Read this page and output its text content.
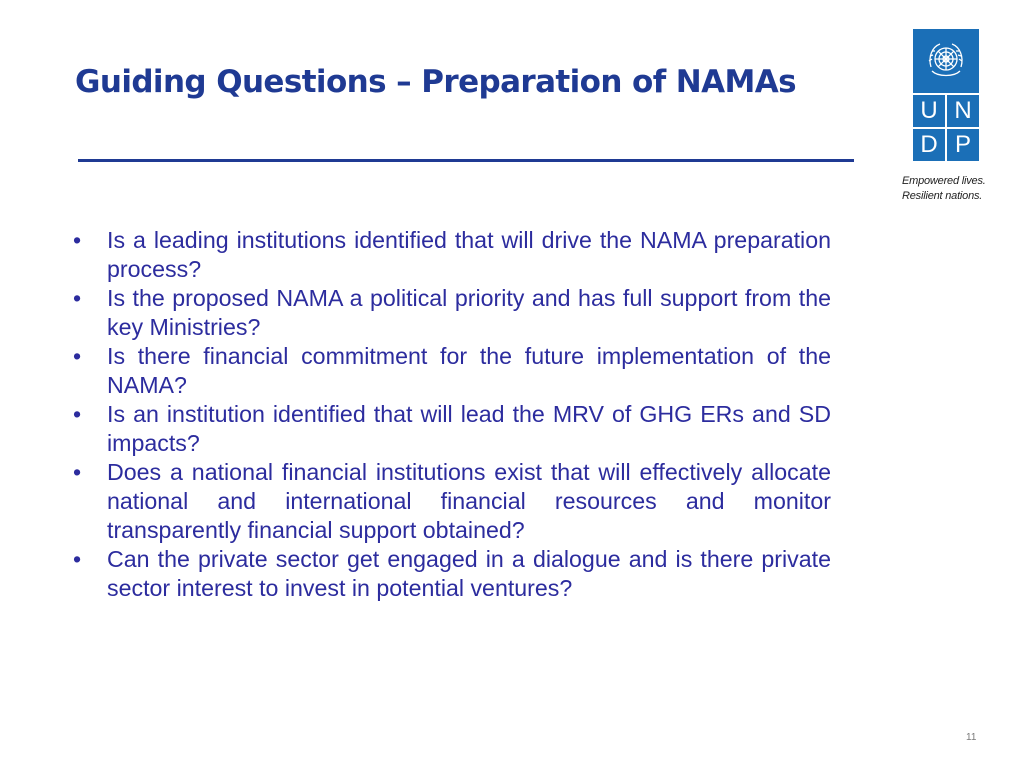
Guiding Questions – Preparation of NAMAs
U N
D P
Empowered lives.
Resilient nations.
• Is a leading institutions identified that will drive the NAMA preparation process?
• Is the proposed NAMA a political priority and has full support from the key Ministries?
• Is there financial commitment for the future implementation of the NAMA?
• Is an institution identified that will lead the MRV of GHG ERs and SD impacts?
• Does a national financial institutions exist that will effectively allocate national and international financial resources and monitor transparently financial support obtained?
• Can the private sector get engaged in a dialogue and is there private sector interest to invest in potential ventures?
11
